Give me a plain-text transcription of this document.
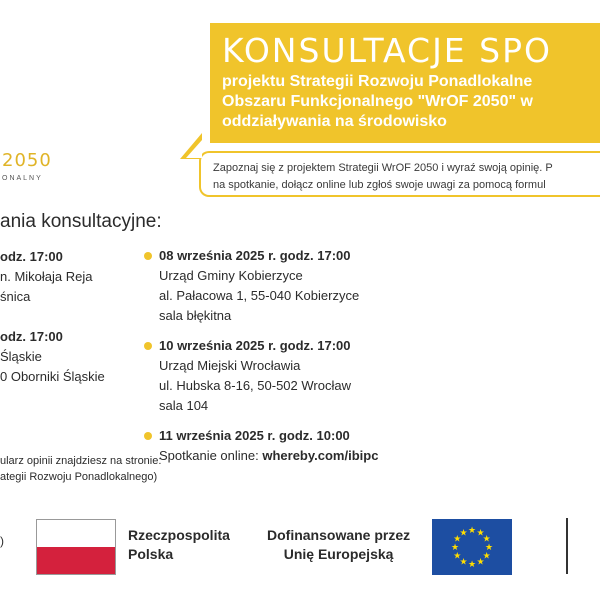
KONSULTACJE SPO
projektu Strategii Rozwoju Ponadlokalne
Obszaru Funkcjonalnego "WrOF 2050" w
oddziaływania na środowisko
Zapoznaj się z projektem Strategii WrOF 2050 i wyraź swoją opinię. P
na spotkanie, dołącz online lub zgłoś swoje uwagi za pomocą formul
2050
ONALNY
ania konsultacyjne:
odz. 17:00
n. Mikołaja Reja
śnica
odz. 17:00
Śląskie
0 Oborniki Śląskie
08 września 2025 r. godz. 17:00
Urząd Gminy Kobierzyce
al. Pałacowa 1, 55-040 Kobierzyce
sala błękitna
10 września 2025 r. godz. 17:00
Urząd Miejski Wrocławia
ul. Hubska 8-16, 50-502 Wrocław
sala 104
11 września 2025 r. godz. 10:00
Spotkanie online: whereby.com/ibipc
ularz opinii znajdziesz na stronie:
ategii Rozwoju Ponadlokalnego)
)	Rzeczpospolita
Polska
Dofinansowane przez
Unię Europejską	★
★
★
★
★
★
★
★
★ ★ ★
★
